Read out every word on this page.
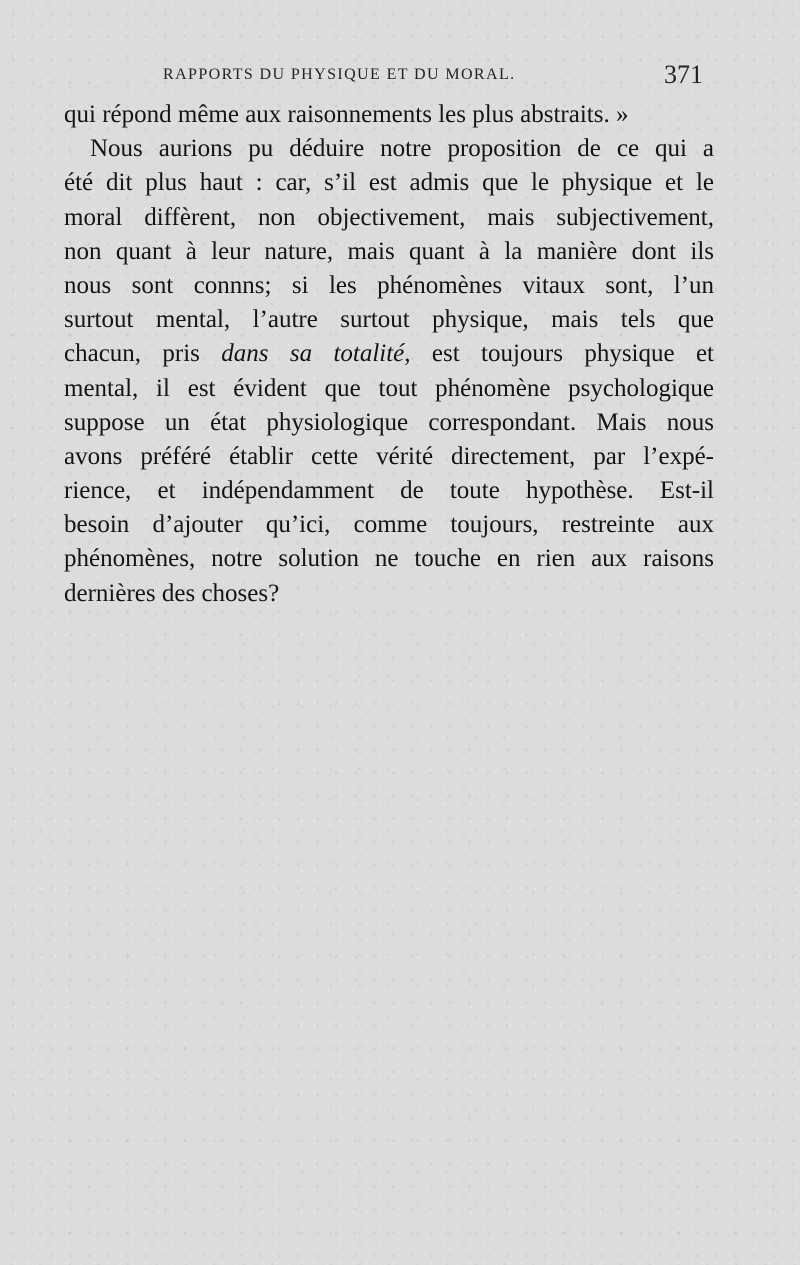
RAPPORTS DU PHYSIQUE ET DU MORAL.	371
qui répond même aux raisonnements les plus abstraits. »
Nous aurions pu déduire notre proposition de ce qui a
été dit plus haut : car, s’il est admis que le physique et le
moral diffèrent, non objectivement, mais subjectivement,
non quant à leur nature, mais quant à la manière dont ils
nous sont connns; si les phénomènes vitaux sont, l’un
surtout mental, l’autre surtout physique, mais tels que
chacun, pris dans sa totalité, est toujours physique et
mental, il est évident que tout phénomène psychologique
suppose un état physiologique correspondant. Mais nous
avons préféré établir cette vérité directement, par l’expé-
rience, et indépendamment de toute hypothèse. Est-il
besoin d’ajouter qu’ici, comme toujours, restreinte aux
phénomènes, notre solution ne touche en rien aux raisons
dernières des choses?
